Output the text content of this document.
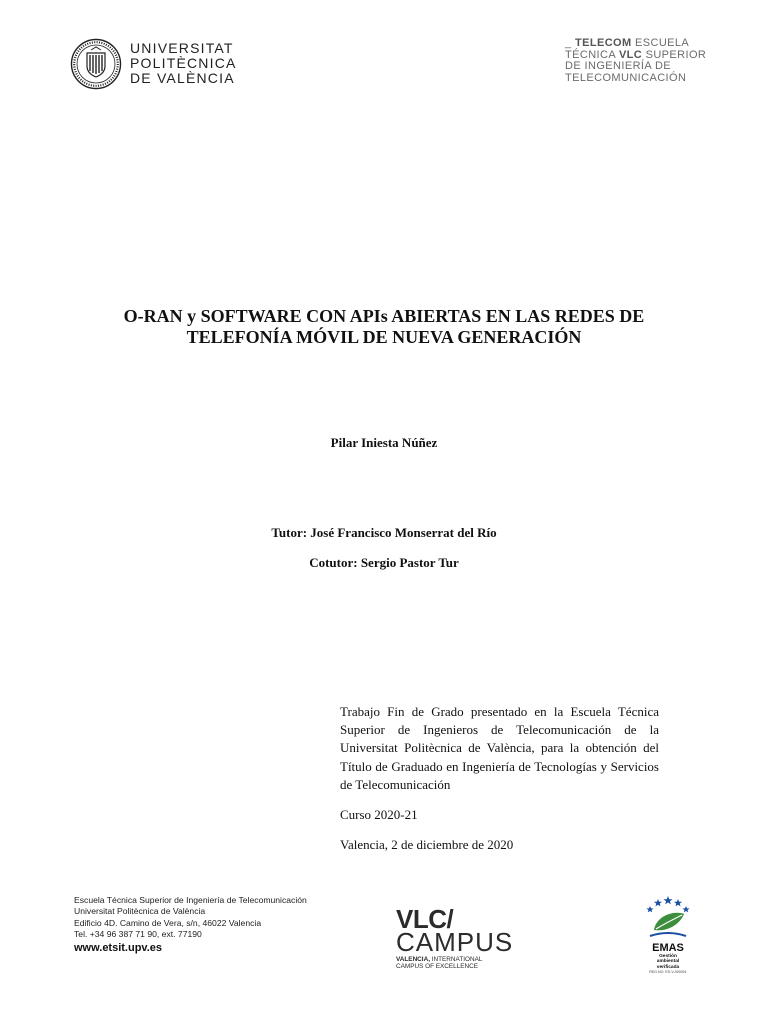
UNIVERSITAT
POLITÈCNICA
DE VALÈNCIA
_ TELECOM ESCUELA
TÉCNICA VLC SUPERIOR
DE INGENIERÍA DE
TELECOMUNICACIÓN
O-RAN y SOFTWARE CON APIs ABIERTAS EN LAS REDES DE
TELEFONÍA MÓVIL DE NUEVA GENERACIÓN
Pilar Iniesta Núñez
Tutor: José Francisco Monserrat del Río
Cotutor: Sergio Pastor Tur

Trabajo Fin de Grado presentado en la Escuela Técnica Superior de Ingenieros de Telecomunicación de la Universitat Politècnica de València, para la obtención del Título de Graduado en Ingeniería de Tecnologías y Servicios de Telecomunicación

Curso 2020-21

Valencia, 2 de diciembre de 2020

Escuela Técnica Superior de Ingeniería de Telecomunicación
Universitat Politècnica de València
Edificio 4D. Camino de Vera, s/n, 46022 Valencia
Tel. +34 96 387 71 90, ext. 77190
www.etsit.upv.es
VLC/
CAMPUS
VALENCIA, INTERNATIONAL
CAMPUS OF EXCELLENCE
EMAS
Gestión
ambiental
verificada
REG.NO. ES-V-000001
